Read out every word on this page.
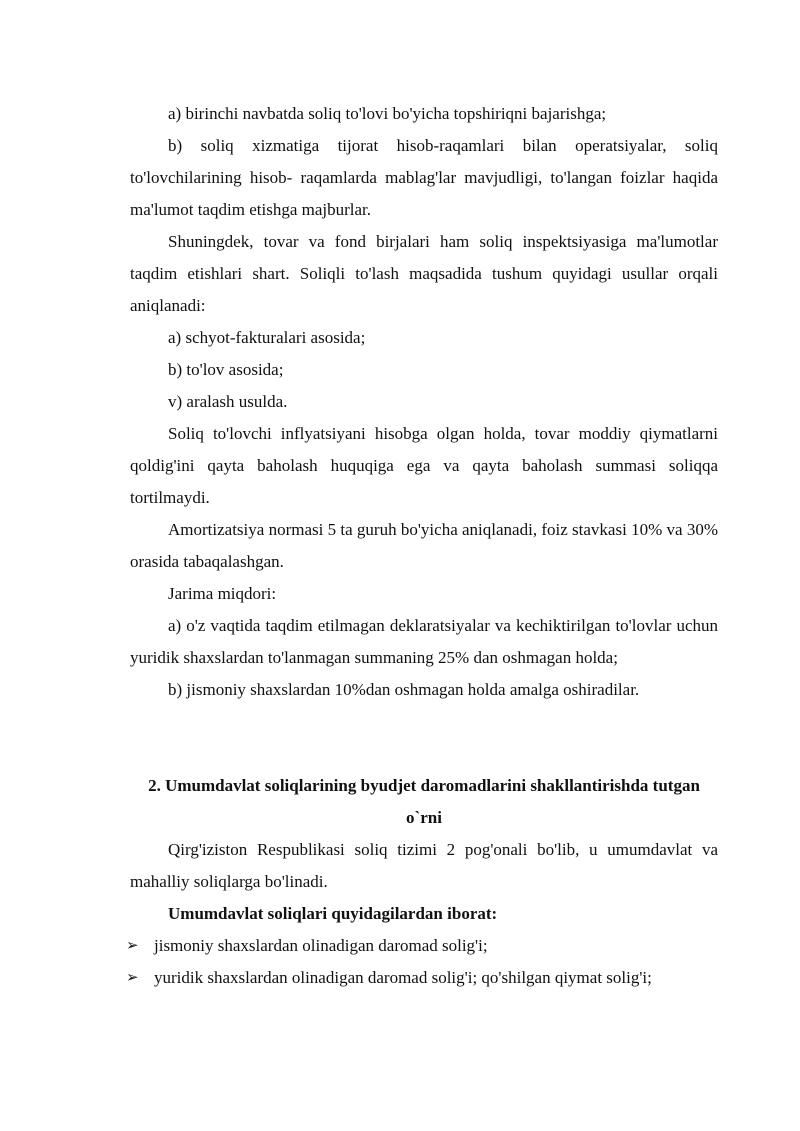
a) birinchi navbatda soliq to'lovi bo'yicha topshiriqni bajarishga;

b) soliq xizmatiga tijorat hisob-raqamlari bilan operatsiyalar, soliq to'lovchilarining hisob- raqamlarda mablag'lar mavjudligi, to'langan foizlar haqida ma'lumot taqdim etishga majburlar.

Shuningdek, tovar va fond birjalari ham soliq inspektsiyasiga ma'lumotlar taqdim etishlari shart. Soliqli to'lash maqsadida tushum quyidagi usullar orqali aniqlanadi:

a) schyot-fakturalari asosida;

b) to'lov asosida;

v) aralash usulda.

Soliq to'lovchi inflyatsiyani hisobga olgan holda, tovar moddiy qiymatlarni qoldig'ini qayta baholash huquqiga ega va qayta baholash summasi soliqqa tortilmaydi.

Amortizatsiya normasi 5 ta guruh bo'yicha aniqlanadi, foiz stavkasi 10% va 30% orasida tabaqalashgan.

Jarima miqdori:

a) o'z vaqtida taqdim etilmagan deklaratsiyalar va kechiktirilgan to'lovlar uchun yuridik shaxslardan to'lanmagan summaning 25% dan oshmagan holda;

b) jismoniy shaxslardan 10%dan oshmagan holda amalga oshiradilar.

2. Umumdavlat soliqlarining byudjet daromadlarini shakllantirishda tutgan o`rni

Qirg'iziston Respublikasi soliq tizimi 2 pog'onali bo'lib, u umumdavlat va mahalliy soliqlarga bo'linadi.

Umumdavlat soliqlari quyidagilardan iborat:

➢ jismoniy shaxslardan olinadigan daromad solig'i;
➢ yuridik shaxslardan olinadigan daromad solig'i; qo'shilgan qiymat solig'i;
